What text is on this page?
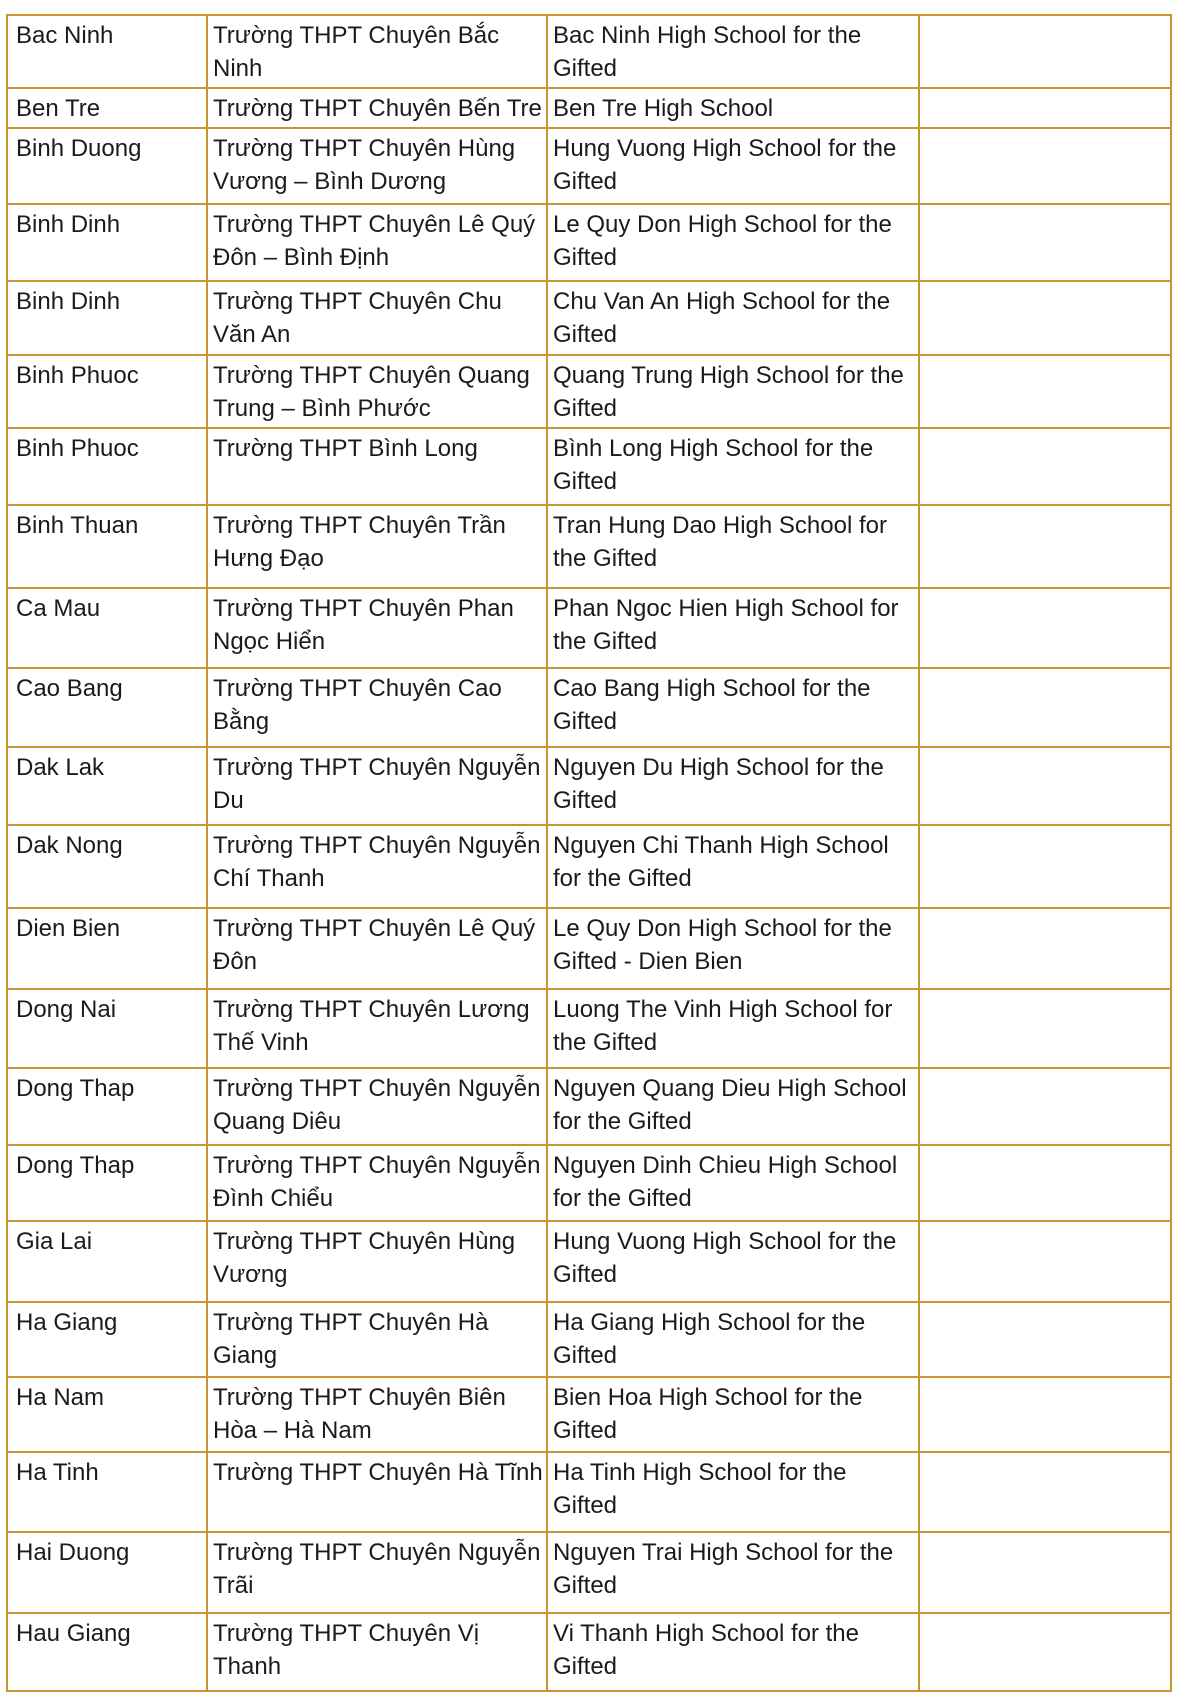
Bac Ninh	Trường THPT Chuyên Bắc Ninh	Bac Ninh High School for the Gifted	
Ben Tre	Trường THPT Chuyên Bến Tre	Ben Tre High School	
Binh Duong	Trường THPT Chuyên Hùng Vương – Bình Dương	Hung Vuong High School for the Gifted	
Binh Dinh	Trường THPT Chuyên Lê Quý Đôn – Bình Định	Le Quy Don High School for the Gifted	
Binh Dinh	Trường THPT Chuyên Chu Văn An	Chu Van An High School for the Gifted	
Binh Phuoc	Trường THPT Chuyên Quang Trung – Bình Phước	Quang Trung High School for the Gifted	
Binh Phuoc	Trường THPT Bình Long	Bình Long High School for the Gifted	
Binh Thuan	Trường THPT Chuyên Trần Hưng Đạo	Tran Hung Dao High School for the Gifted	
Ca Mau	Trường THPT Chuyên Phan Ngọc Hiển	Phan Ngoc Hien High School for the Gifted	
Cao Bang	Trường THPT Chuyên Cao Bằng	Cao Bang High School for the Gifted	
Dak Lak	Trường THPT Chuyên Nguyễn Du	Nguyen Du High School for the Gifted	
Dak Nong	Trường THPT Chuyên Nguyễn Chí Thanh	Nguyen Chi Thanh High School for the Gifted	
Dien Bien	Trường THPT Chuyên Lê Quý Đôn	Le Quy Don High School for the Gifted - Dien Bien	
Dong Nai	Trường THPT Chuyên Lương Thế Vinh	Luong The Vinh High School for the Gifted	
Dong Thap	Trường THPT Chuyên Nguyễn Quang Diêu	Nguyen Quang Dieu High School for the Gifted	
Dong Thap	Trường THPT Chuyên Nguyễn Đình Chiểu	Nguyen Dinh Chieu High School for the Gifted	
Gia Lai	Trường THPT Chuyên Hùng Vương	Hung Vuong High School for the Gifted	
Ha Giang	Trường THPT Chuyên Hà Giang	Ha Giang High School for the Gifted	
Ha Nam	Trường THPT Chuyên Biên Hòa – Hà Nam	Bien Hoa High School for the Gifted	
Ha Tinh	Trường THPT Chuyên Hà Tĩnh	Ha Tinh High School for the Gifted	
Hai Duong	Trường THPT Chuyên Nguyễn Trãi	Nguyen Trai High School for the Gifted	
Hau Giang	Trường THPT Chuyên Vị Thanh	Vi Thanh High School for the Gifted	
